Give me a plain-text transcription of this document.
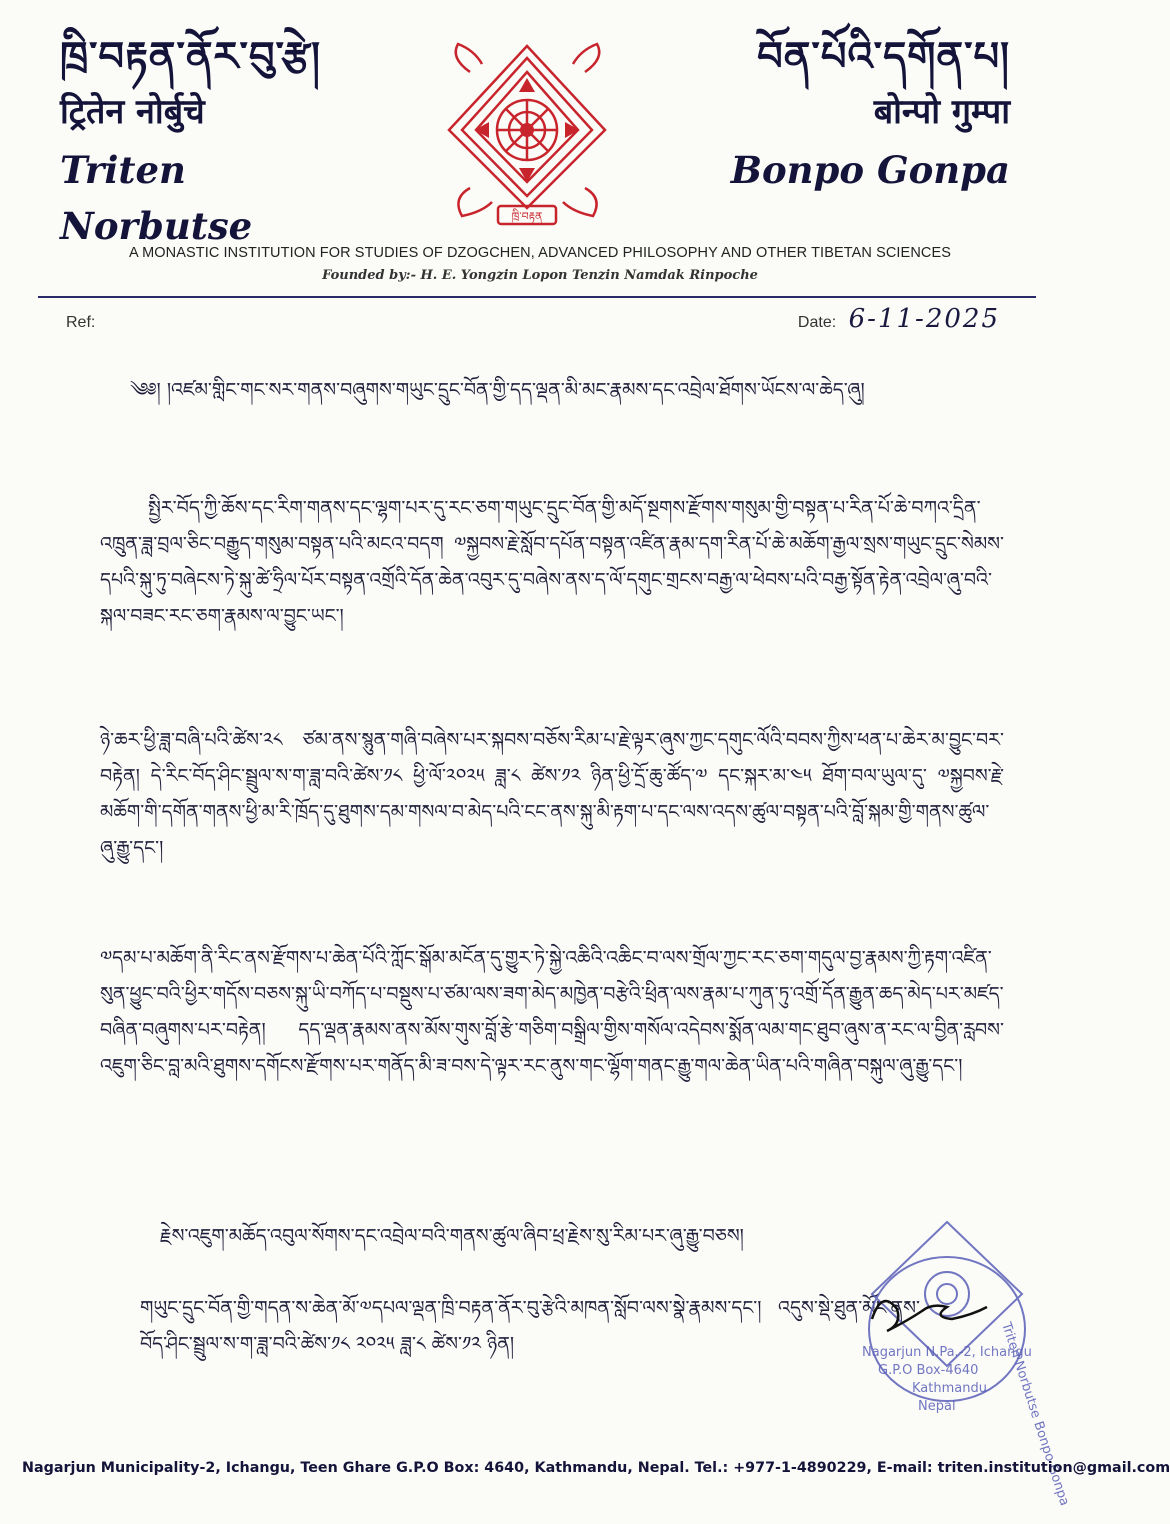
ཁྲི་བརྟན་ནོར་བུ་རྩེ།
ट्रितेन नोर्बुचे
Triten Norbutse	ཁྲི་བརྟན
བོན་པོའི་དགོན་པ།
बोन्पो गुम्पा
Bonpo Gonpa
A MONASTIC INSTITUTION FOR STUDIES OF DZOGCHEN, ADVANCED PHILOSOPHY AND OTHER TIBETAN SCIENCES
Founded by:- H. E. Yongzin Lopon Tenzin Namdak Rinpoche
Ref:	Date: 6-11-2025
༄༅། །འཛམ་གླིང་གང་སར་གནས་བཞུགས་གཡུང་དྲུང་བོན་གྱི་དད་ལྡན་མི་མང་རྣམས་དང་འབྲེལ་ཐོགས་ཡོངས་ལ་ཆེད་ཞུ།
སྤྱིར་བོད་ཀྱི་ཆོས་དང་རིག་གནས་དང་ལྷག་པར་དུ་རང་ཅག་གཡུང་དྲུང་བོན་གྱི་མདོ་སྔགས་རྫོགས་གསུམ་གྱི་བསྟན་པ་རིན་པོ་ཆེ་བཀའ་དྲིན་འཁྲུན་ཟླ་བྲལ་ཅིང་བརྒྱུད་གསུམ་བསྟན་པའི་མངའ་བདག ༧སྐྱབས་རྗེ་སློབ་དཔོན་བསྟན་འཛིན་རྣམ་དག་རིན་པོ་ཆེ་མཆོག་རྒྱལ་སྲས་གཡུང་དྲུང་སེམས་དཔའི་སྐུ་ཏུ་བཞེངས་ཏེ་སྐུ་ཚེ་ཧྲིལ་པོར་བསྟན་འགྲོའི་དོན་ཆེན་འབུར་དུ་བཞེས་ནས་ད་ལོ་དགུང་གྲངས་བརྒྱ་ལ་ཕེབས་པའི་བརྒྱ་སྟོན་རྟེན་འབྲེལ་ཞུ་བའི་སྐལ་བཟང་རང་ཅག་རྣམས་ལ་བྱུང་ཡང་།
ཉེ་ཆར་ཕྱི་ཟླ་བཞི་པའི་ཚེས་༢༨ ཙམ་ནས་སྙུན་གཞི་བཞེས་པར་སྐབས་བཅོས་རིམ་པ་རྗེ་ལྟར་ཞུས་ཀྱང་དགུང་ལོའི་བབས་ཀྱིས་ཕན་པ་ཆེར་མ་བྱུང་བར་བརྟེན། དེ་རིང་བོད་ཤིང་སྦྲུལ་ས་ག་ཟླ་བའི་ཚེས་༡༨ ཕྱི་ལོ་༢༠༢༥ ཟླ་༨ ཚེས་༡༢ ཉིན་ཕྱི་དྲོ་ཆུ་ཚོད་༧ དང་སྐར་མ་༤༥ ཐོག་བལ་ཡུལ་དུ་ ༧སྐྱབས་རྗེ་མཆོག་གི་དགོན་གནས་ཕྱི་མ་རི་ཁྲོད་དུ་ཐུགས་དམ་གསལ་བ་མེད་པའི་ངང་ནས་སྐུ་མི་རྟག་པ་དང་ལས་འདས་ཚུལ་བསྟན་པའི་བློ་སྐམ་གྱི་གནས་ཚུལ་ཞུ་རྒྱུ་དང་།
༧དམ་པ་མཆོག་ནི་རིང་ནས་རྫོགས་པ་ཆེན་པོའི་ཀློང་སྒོམ་མངོན་དུ་གྱུར་ཏེ་སྐྱེ་འཆིའི་འཆིང་བ་ལས་གྲོལ་ཀྱང་རང་ཅག་གདུལ་བྱ་རྣམས་ཀྱི་རྟག་འཛིན་སུན་ཕྱུང་བའི་ཕྱིར་གདོས་བཅས་སྐུ་ཡི་བཀོད་པ་བསྡུས་པ་ཙམ་ལས་ཟག་མེད་མཁྱེན་བརྩེའི་ཕྲིན་ལས་རྣམ་པ་ཀུན་ཏུ་འགྲོ་དོན་རྒྱུན་ཆད་མེད་པར་མཛད་བཞིན་བཞུགས་པར་བརྟེན། དད་ལྡན་རྣམས་ནས་མོས་གུས་བློ་རྩེ་གཅིག་བསྒྲིལ་གྱིས་གསོལ་འདེབས་སྨོན་ལམ་གང་ཐུབ་ཞུས་ན་རང་ལ་བྱིན་རླབས་འཇུག་ཅིང་བླ་མའི་ཐུགས་དགོངས་རྫོགས་པར་གནོད་མི་ཟ་བས་དེ་ལྟར་རང་ནུས་གང་ལྷོག་གནང་རྒྱུ་གལ་ཆེན་ཡིན་པའི་གཞིན་བསྐུལ་ཞུ་རྒྱུ་དང་།
རྗེས་འཇུག་མཆོད་འབུལ་སོགས་དང་འབྲེལ་བའི་གནས་ཚུལ་ཞིབ་ཕྲ་རྗེས་སུ་རིམ་པར་ཞུ་རྒྱུ་བཅས།
གཡུང་དྲུང་བོན་གྱི་གདན་ས་ཆེན་མོ་༧དཔལ་ལྡན་ཁྲི་བརྟན་ནོར་བུ་རྩེའི་མཁན་སློབ་ལས་སྣེ་རྣམས་དང་། འདུས་སྡེ་ཐུན་མོང་ནས་བོད་ཤིང་སྦྲུལ་ས་ག་ཟླ་བའི་ཚེས་༡༨ ༢༠༢༥ ཟླ་༨ ཚེས་༡༢ ཉིན།	Triten Norbutse Bonpo Gonpa
Nagarjun N.Pa.-2, Ichangu
G.P.O Box-4640
Kathmandu
Nepal
Nagarjun Municipality-2, Ichangu, Teen Ghare G.P.O Box: 4640, Kathmandu, Nepal. Tel.: +977-1-4890229, E-mail: triten.institution@gmail.com
